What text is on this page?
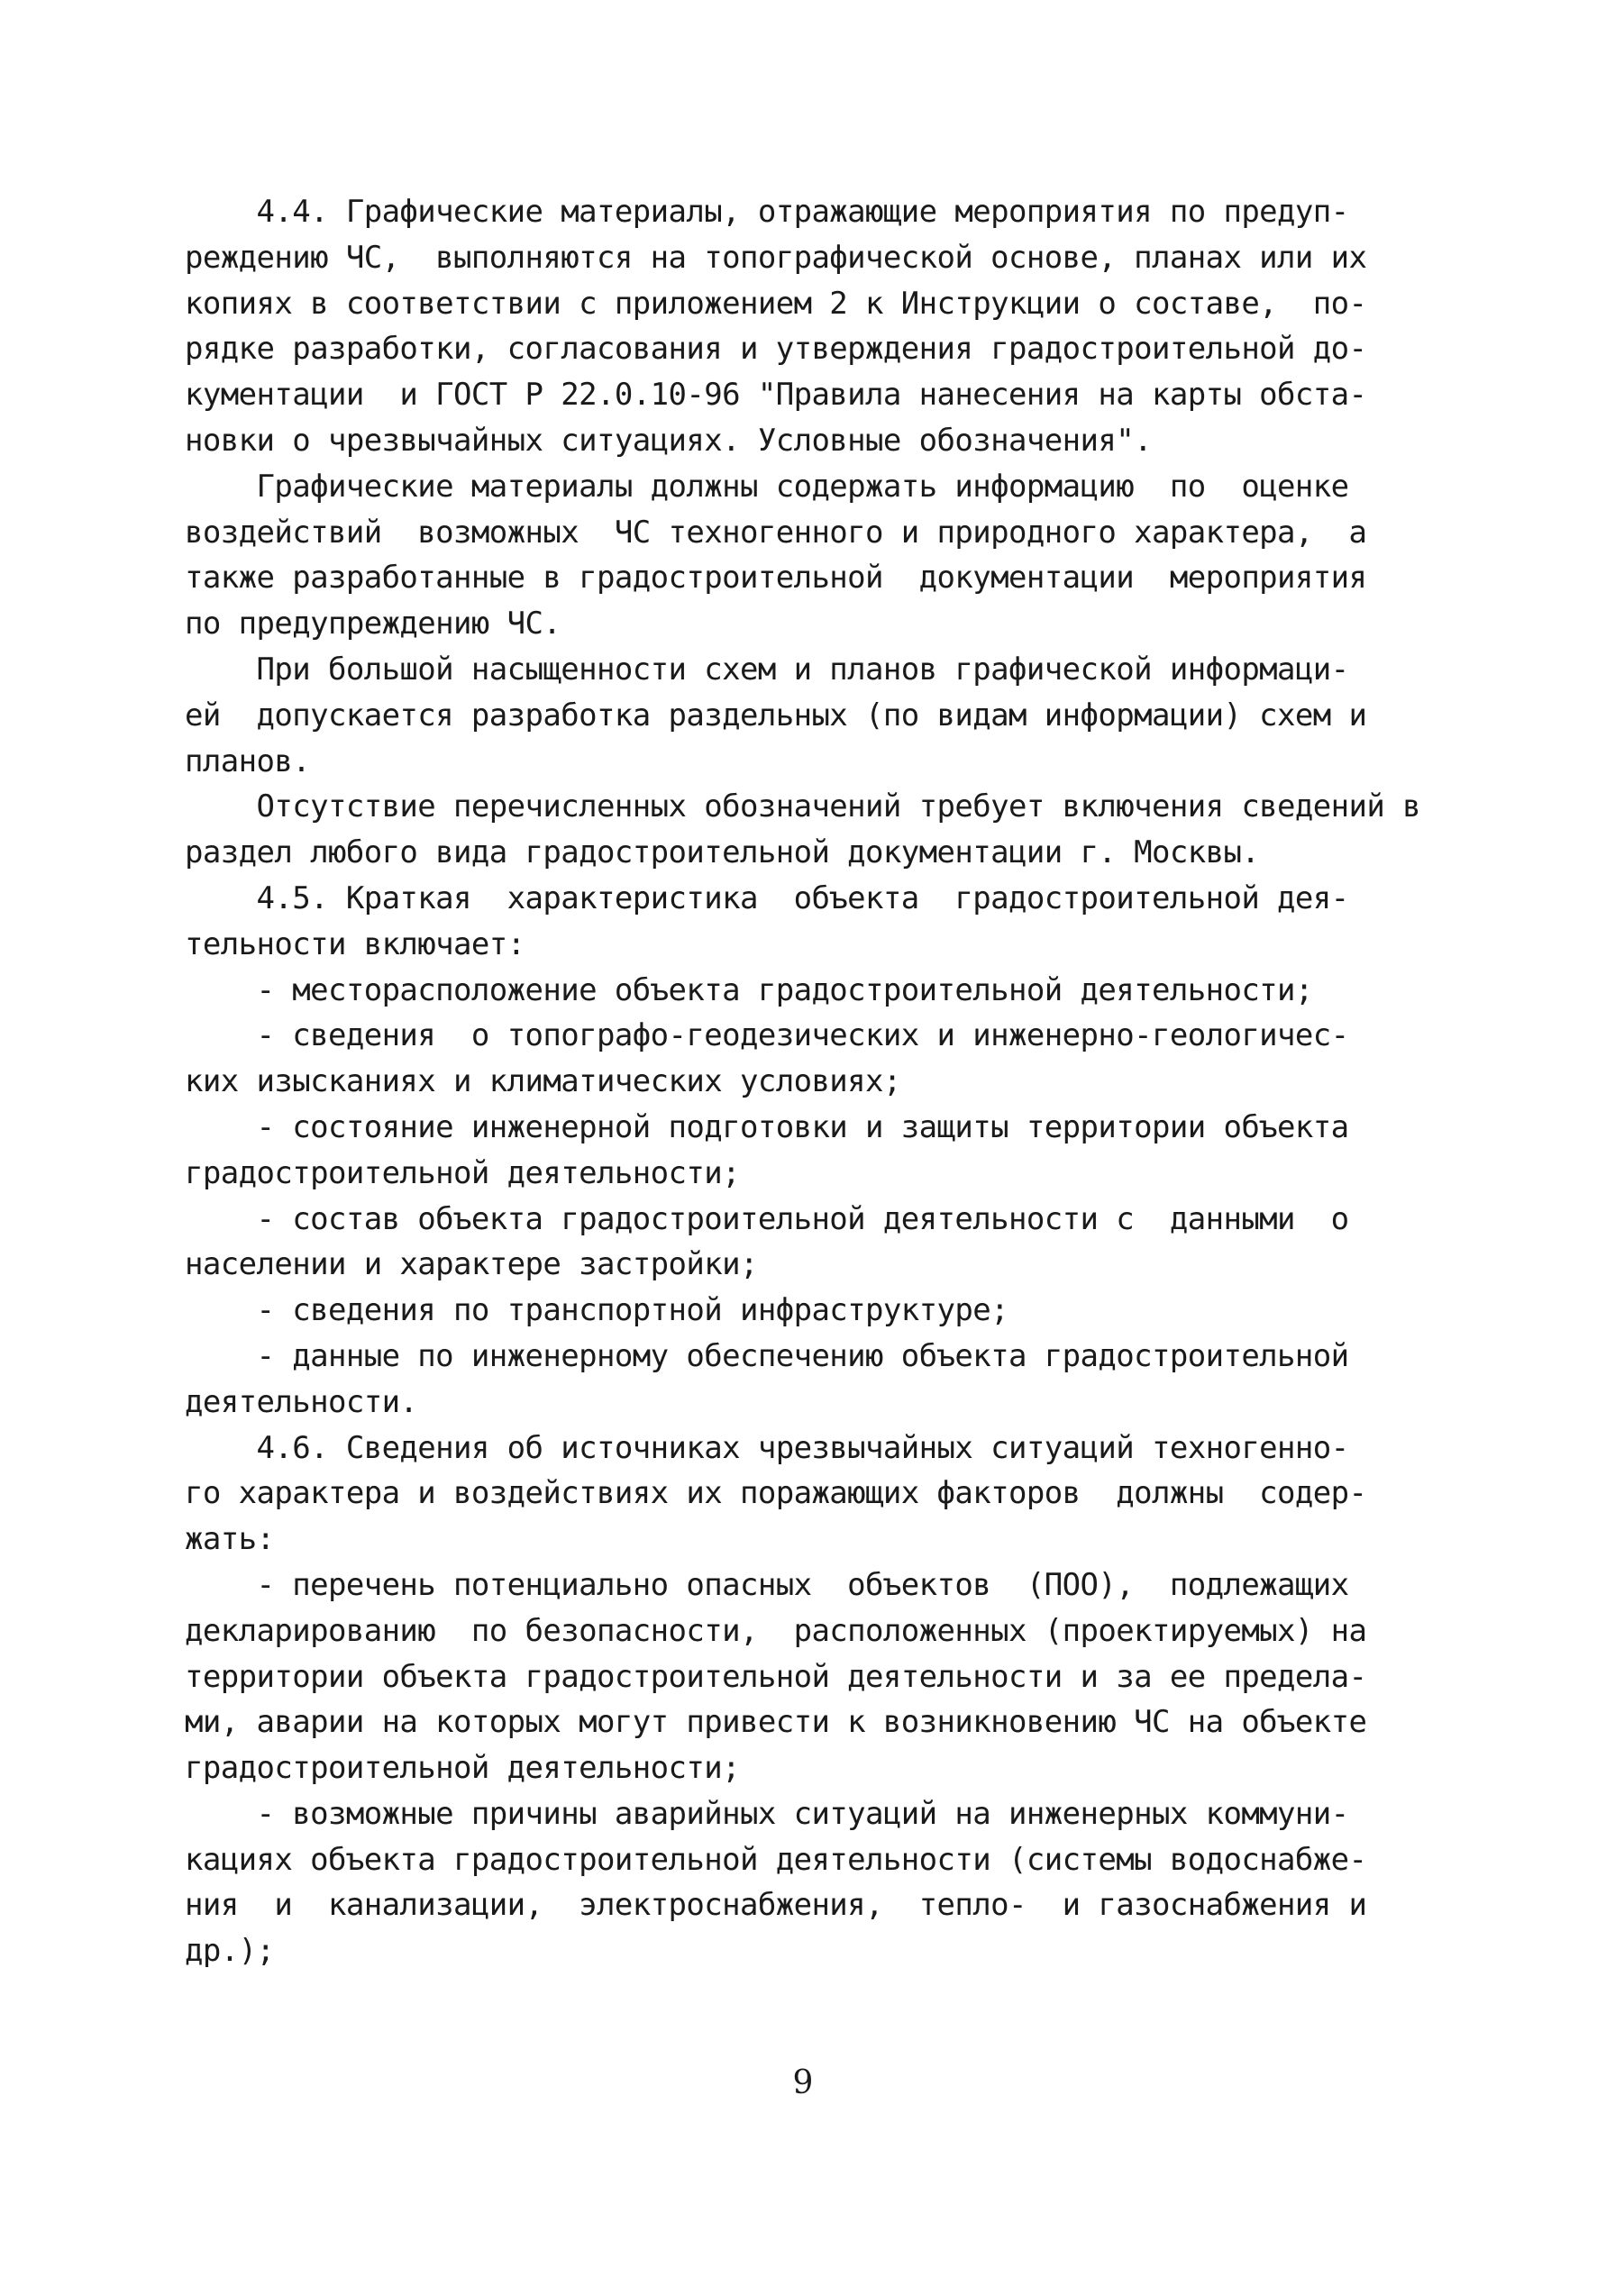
4.4. Графические материалы, отражающие мероприятия по предуп-
реждению ЧС,  выполняются на топографической основе, планах или их
копиях в соответствии с приложением 2 к Инструкции о составе,  по-
рядке разработки, согласования и утверждения градостроительной до-
кументации  и ГОСТ Р 22.0.10-96 "Правила нанесения на карты обста-
новки о чрезвычайных ситуациях. Условные обозначения".
Графические материалы должны содержать информацию  по  оценке
воздействий  возможных  ЧС техногенного и природного характера,  а
также разработанные в градостроительной  документации  мероприятия
по предупреждению ЧС.
При большой насыщенности схем и планов графической информаци-
ей  допускается разработка раздельных (по видам информации) схем и
планов.
Отсутствие перечисленных обозначений требует включения сведений в
раздел любого вида градостроительной документации г. Москвы.
4.5. Краткая  характеристика  объекта  градостроительной дея-
тельности включает:
- месторасположение объекта градостроительной деятельности;
- сведения  о топографо-геодезических и инженерно-геологичес-
ких изысканиях и климатических условиях;
- состояние инженерной подготовки и защиты территории объекта
градостроительной деятельности;
- состав объекта градостроительной деятельности с  данными  о
населении и характере застройки;
- сведения по транспортной инфраструктуре;
- данные по инженерному обеспечению объекта градостроительной
деятельности.
4.6. Сведения об источниках чрезвычайных ситуаций техногенно-
го характера и воздействиях их поражающих факторов  должны  содер-
жать:
- перечень потенциально опасных  объектов  (ПОО),  подлежащих
декларированию  по безопасности,  расположенных (проектируемых) на
территории объекта градостроительной деятельности и за ее предела-
ми, аварии на которых могут привести к возникновению ЧС на объекте
градостроительной деятельности;
- возможные причины аварийных ситуаций на инженерных коммуни-
кациях объекта градостроительной деятельности (системы водоснабже-
ния  и  канализации,  электроснабжения,  тепло-  и газоснабжения и
др.);
9
